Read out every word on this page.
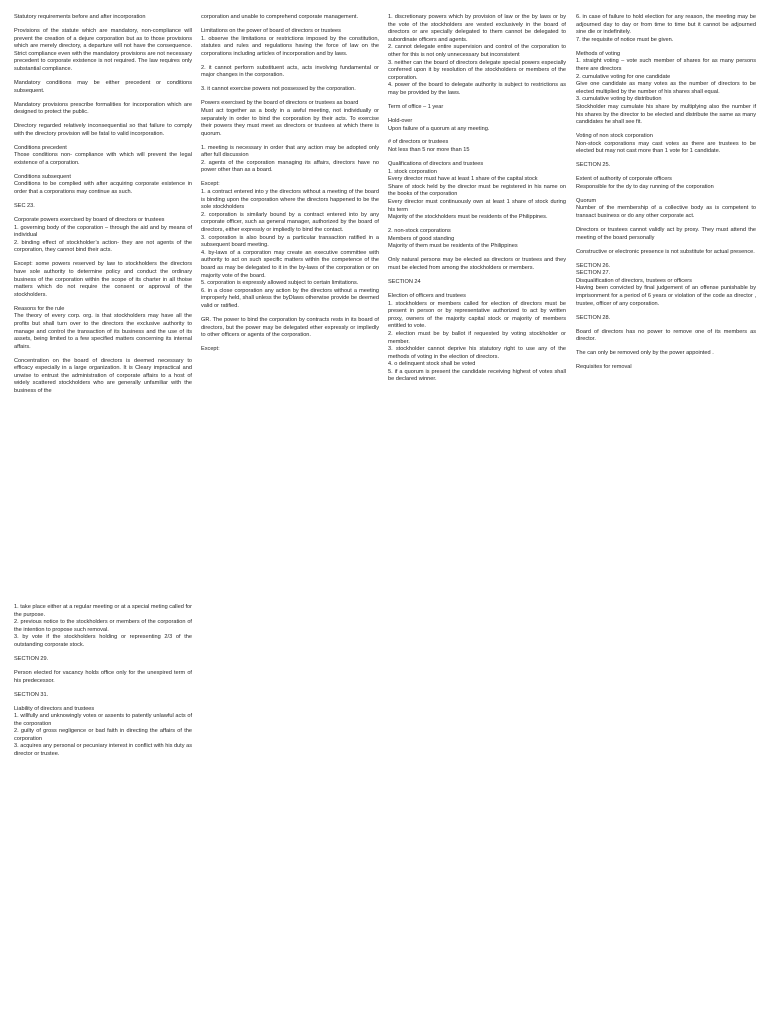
Statutory requirements before and after incorporation

Provisions of the statute which are mandatory, non-compliance will prevent the creation of a dejure corporation but as to those provisions which are merely directory, a departure will not have the consequence. Strict compliance even with the mandatory provisions are not necessary precedent to corporate existence is not required. The law requires only substantial compliance.

Mandatory conditions may be either precedent or conditions subsequent.

Mandatory provisions prescribe formalities for incorporation which are designed to protect the public.

Directory regarded relatively inconsequential so that failure to comply with the directory provision will be fatal to valid incorporation.

Conditions precedent
Those conditions non- compliance with which will prevent the legal existence of a corporation.

Conditions subsequent
Conditions to be complied with after acquiring corporate existence in order that a corporations may continue as such.

SEC 23.

Corporate powers exercised by board of directors or trustees
1. governing body of the coporation – through the aid and by means of individual
2. binding effect of stockholder’s action- they are not agents of the corporation, they cannot bind their acts.

Except: some powers reserved by law to stockholders the directors have sole authority to determine policy and conduct the ordinary business of the corporation within the scope of its charter in all thoise matters which do not require the consent or approval of the stockholders.

Reasons for the rule
The theory of every corp. org. is that stockholders may have all the profits but shall turn over to the directors the exclusive authority to manage and control the transaction of its business and the use of its assets, being limited to a few specified matters concerning its internal affairs.

Concentration on the board of directors is deemed necessary to efficacy especially in a large organization. It is Cleary impractical and unwise to entrust the administration of corporate affairs to a host of widely scattered stockholders who are generally unfamiliar with the business of the

corporation and unable to comprehend corporate management.

Limitations on the power of board of directors or trustees
1. observe the limitations or restrictions imposed by the constitution, statutes and rules and regulations having the force of law on the corporations including articles of incorporation and by laws.

2. it cannot perform substituent acts, acts involving fundamental or major changes in the corporation.

3. it cannot exercise powers not possessed by the corporation.

Powers exercised by the board of directors or trustees as board
Must act together as a body in a awful meeting, not individually or separately in order to bind the corporation by their acts. To exercise their powers they must meet as directors or trustees at which there is quorum.

1. meeting is necessary in order that any action may be adopted only after full discussion
2. agents of the corporation managing its affairs, directors have no power other than as a board.

Except:
1. a contract entered into y the directors without a meeting of the board is binding upon the corporation where the directors happened to be the sole stockholders
2. corporation is similarly bound by a contract entered into by any corporate officer, such as general manager, authorized by the board of directors, either expressly or impliedly to bind the contact.
3. corporation is also bound by a particular transaction ratified in a subsequent board meeting.
4. by-laws of a corporation may create an executive committee with authority to act on such specific matters within the competence of the board as may be delegated to it in the by-laws of the corporation or on majority vote of the board.
5. corporation is expressly allowed subject to certain limitations.
6. in a close corporation any action by the directors without a meeting improperly held, shall unless the byDlaws otherwise provide be deemed valid or ratified.

GR. The power to bind the corporation by contracts rests in its board of directors, but the power may be delegated ether expressly or impliedly to other officers or agents of the corporation.

Except:

1. discretionary powers which by provision of law or the by laws or by the vote of the stockholders are vested exclusively in the board of directors or are specially delegated to them cannot be delegated to subordinate officers and agents.
2. cannot delegate entire supervision and control of the corporation to other for this is not only unnecessary but inconsistent
3. neither can the board of directors delegate special powers especially conferred upon it by resolution of the stockholders or members of the corporation.
4. power of the board to delegate authority is subject to restrictions as may be provided by the laws.

Term of office – 1 year

Hold-over
Upon failure of a quorum at any meeting.

# of directors or trustees
Not less than 5 nor more than 15

Qualifications of directors and trustees
1. stock corporation
Every director must have at least 1 share of the capital stock
Share of stock held by the director must be registered in his name on the books of the corporation
Every director must continuously own at least 1 share of stock during his term
Majority of the stockholders must be residents of the Philippines.

2. non-stock corporations
Members of good standing
Majority of them must be residents of the Philippines

Only natural persons may be elected as directors or trustees and they must be elected from among the stockholders or members.

SECTION 24

Election of officers and trustees
1. stockholders or members called for election of directors must be present in person or by representative authorized to act by written proxy, owners of the majority capital stock or majority of members entitled to vote.
2. election must be by ballot if requested by voting stockholder or member.
3. stockholder cannot deprive his statutory right to use any of the methods of voting in the election of directors.
4. o delinquent stock shall be voted
5. if a quorum is present the candidate receiving highest of votes shall be declared winner.

6. in case of failure to hold election for any reason, the meeting may be adjourned day to day or from time to time but it cannot be adjourned sine die or indefinitely.
7. the requisite of notice must be given.

Methods of voting
1. straight voting – vote such member of shares for as many persons there are directors
2. cumulative voting for one candidate
Give one candidate as many votes as the number of directors to be elected multiplied by the number of his shares shall equal.
3. cumulative voting by distribution
Stockholder may cumulate his share by multiplying also the number if his shares by the director to be elected and distribute the same as many candidates he shall see fit.

Voting of non stock corporation
Non-stock corporations may cast votes as there are trustees to be elected but may not cast more than 1 vote for 1 candidate.

SECTION 25.

Extent of authority of corporate officers
Responsible for the dy to day running of the corporation

Quorum
Number of the membership of a collective body as is competent to transact business or do any other corporate act.

Directors or trustees cannot validly act by proxy. They must attend the meeting of the board personally

Constructive or electronic presence is not substitute for actual presence.

SECTION 26.
SECTION 27.
Disqualification of directors, trustees or officers
Having been convicted by final judgement of an offense punishable by imprisonment for a period of 6 years or violation of the code as director , trustee, officer of any corporation.

SECTION 28.

Board of directors has no power to remove one of its members as director.

The can only be removed only by the power appointed .

Requisites for removal

1. take place either at a regular meeting or at a special meting called for the purpose.
2. previous notice to the stockholders or members of the corporation of the intention to propose such removal.
3. by vote if the stockholders holding or representing 2/3 of the outstanding corporate stock.

SECTION 29.

Person elected for vacancy holds office only for the unexpired term of his predecessor.

SECTION 31.

Liability of directors and trustees
1. willfully and unknowingly votes or assents to patently unlawful acts of the corporation
2. guilty of gross negligence or bad faith in directing the affairs of the corporation
3. acquires any personal or pecuniary interest in conflict with his duty as director or trustee.
